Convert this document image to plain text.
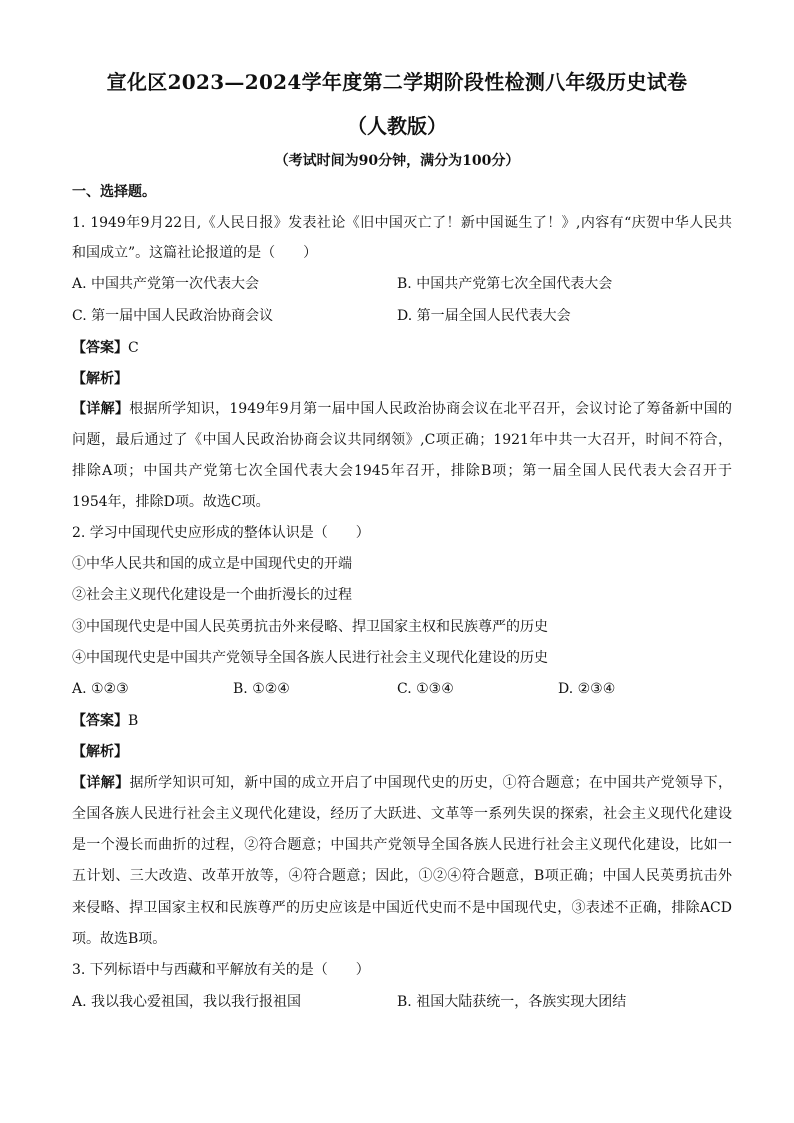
宣化区2023—2024学年度第二学期阶段性检测八年级历史试卷
（人教版）
（考试时间为90分钟，满分为100分）
一、选择题。
1. 1949年9月22日,《人民日报》发表社论《旧中国灭亡了！新中国诞生了！》,内容有“庆贺中华人民共
和国成立”。这篇社论报道的是（　　）
A. 中国共产党第一次代表大会	B. 中国共产党第七次全国代表大会
C. 第一届中国人民政治协商会议	D. 第一届全国人民代表大会
【答案】C
【解析】
【详解】根据所学知识，1949年9月第一届中国人民政治协商会议在北平召开，会议讨论了筹备新中国的
问题，最后通过了《中国人民政治协商会议共同纲领》,C项正确；1921年中共一大召开，时间不符合，
排除A项；中国共产党第七次全国代表大会1945年召开，排除B项；第一届全国人民代表大会召开于
1954年，排除D项。故选C项。
2. 学习中国现代史应形成的整体认识是（　　）
①中华人民共和国的成立是中国现代史的开端
②社会主义现代化建设是一个曲折漫长的过程
③中国现代史是中国人民英勇抗击外来侵略、捍卫国家主权和民族尊严的历史
④中国现代史是中国共产党领导全国各族人民进行社会主义现代化建设的历史
A. ①②③	B. ①②④	C. ①③④	D. ②③④
【答案】B
【解析】
【详解】据所学知识可知，新中国的成立开启了中国现代史的历史，①符合题意；在中国共产党领导下，
全国各族人民进行社会主义现代化建设，经历了大跃进、文革等一系列失误的探索，社会主义现代化建设
是一个漫长而曲折的过程，②符合题意；中国共产党领导全国各族人民进行社会主义现代化建设，比如一
五计划、三大改造、改革开放等，④符合题意；因此，①②④符合题意，B项正确；中国人民英勇抗击外
来侵略、捍卫国家主权和民族尊严的历史应该是中国近代史而不是中国现代史，③表述不正确，排除ACD
项。故选B项。
3. 下列标语中与西藏和平解放有关的是（　　）
A. 我以我心爱祖国，我以我行报祖国	B. 祖国大陆获统一，各族实现大团结
